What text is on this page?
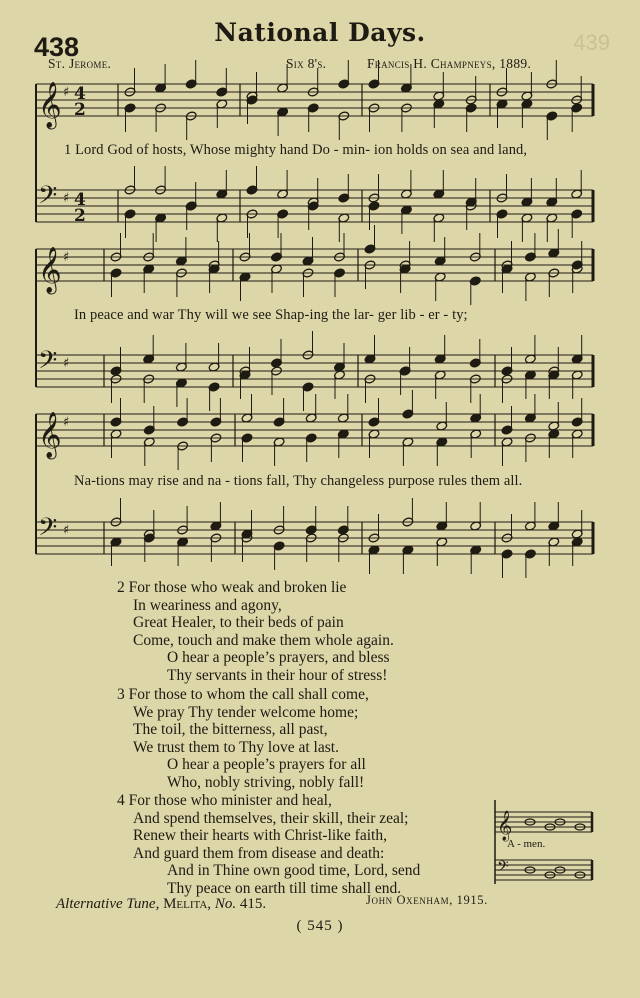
𝄞 ♯
𝄢 ♯
𝄞 ♯
𝄢 ♯
𝄞 ♯
𝄢 ♯
4
2
4
2
𝄞
𝄢
439
438	National Days.
St. Jerome.	Six 8's.	Francis H. Champneys, 1889.
1 Lord God of hosts, Whose mighty hand Do - min- ion holds on sea and land,
In peace and war Thy will we see Shap-ing the lar- ger lib - er - ty;
Na-tions may rise and na - tions fall, Thy changeless purpose rules them all.
2 For those who weak and broken lie
In weariness and agony,
Great Healer, to their beds of pain
Come, touch and make them whole again.
O hear a people’s prayers, and bless
Thy servants in their hour of stress!
3 For those to whom the call shall come,
We pray Thy tender welcome home;
The toil, the bitterness, all past,
We trust them to Thy love at last.
O hear a people’s prayers for all
Who, nobly striving, nobly fall!
4 For those who minister and heal,
And spend themselves, their skill, their zeal;
Renew their hearts with Christ-like faith,
And guard them from disease and death:
And in Thine own good time, Lord, send
Thy peace on earth till time shall end.
A - men.
Alternative Tune, Melita, No. 415.	John Oxenham, 1915.
( 545 )
